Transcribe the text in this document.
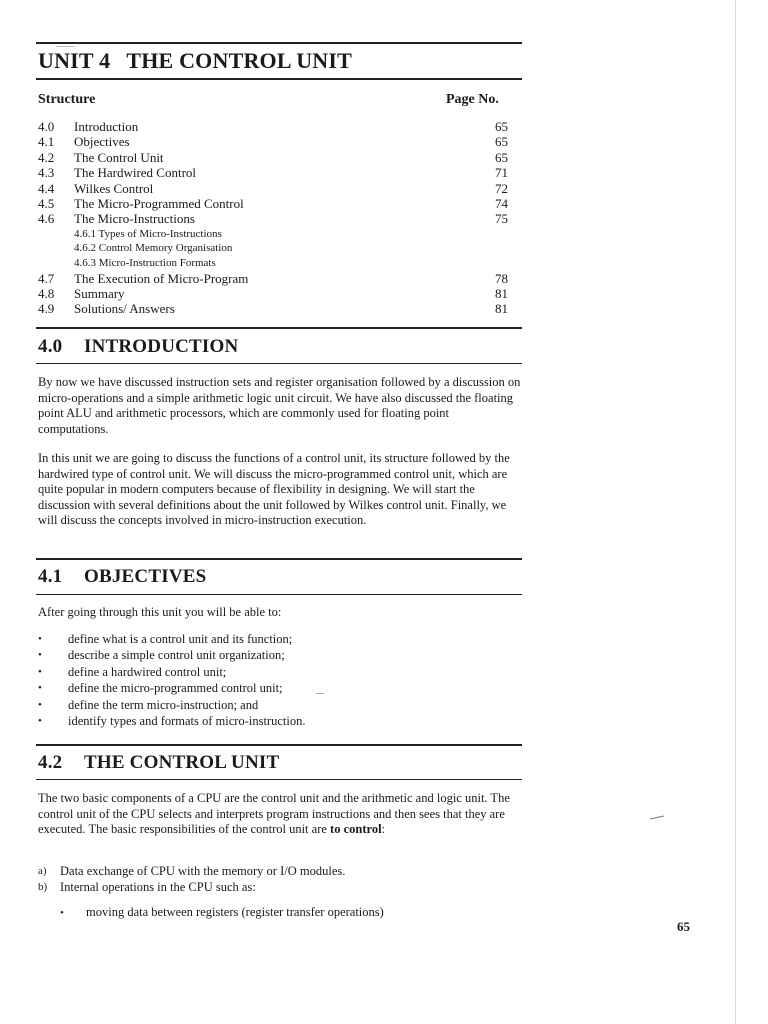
UNIT 4 THE CONTROL UNIT
Structure	Page No.
4.0 Introduction	65
4.1 Objectives	65
4.2 The Control Unit	65
4.3 The Hardwired Control	71
4.4 Wilkes Control	72
4.5 The Micro-Programmed Control	74
4.6 The Micro-Instructions	75
4.6.1 Types of Micro-Instructions
4.6.2 Control Memory Organisation
4.6.3 Micro-Instruction Formats
4.7 The Execution of Micro-Program	78
4.8 Summary	81
4.9 Solutions/ Answers	81
4.0 INTRODUCTION

By now we have discussed instruction sets and register organisation followed by a discussion on micro-operations and a simple arithmetic logic unit circuit. We have also discussed the floating point ALU and arithmetic processors, which are commonly used for floating point computations.

In this unit we are going to discuss the functions of a control unit, its structure followed by the hardwired type of control unit. We will discuss the micro-programmed control unit, which are quite popular in modern computers because of flexibility in designing. We will start the discussion with several definitions about the unit followed by Wilkes control unit. Finally, we will discuss the concepts involved in micro-instruction execution.

4.1 OBJECTIVES

After going through this unit you will be able to:

• define what is a control unit and its function;
• describe a simple control unit organization;
• define a hardwired control unit;
• define the micro-programmed control unit;
• define the term micro-instruction; and
• identify types and formats of micro-instruction.
4.2 THE CONTROL UNIT

The two basic components of a CPU are the control unit and the arithmetic and logic unit. The control unit of the CPU selects and interprets program instructions and then sees that they are executed. The basic responsibilities of the control unit are to control:

a) Data exchange of CPU with the memory or I/O modules.
b) Internal operations in the CPU such as:
• moving data between registers (register transfer operations)
65
